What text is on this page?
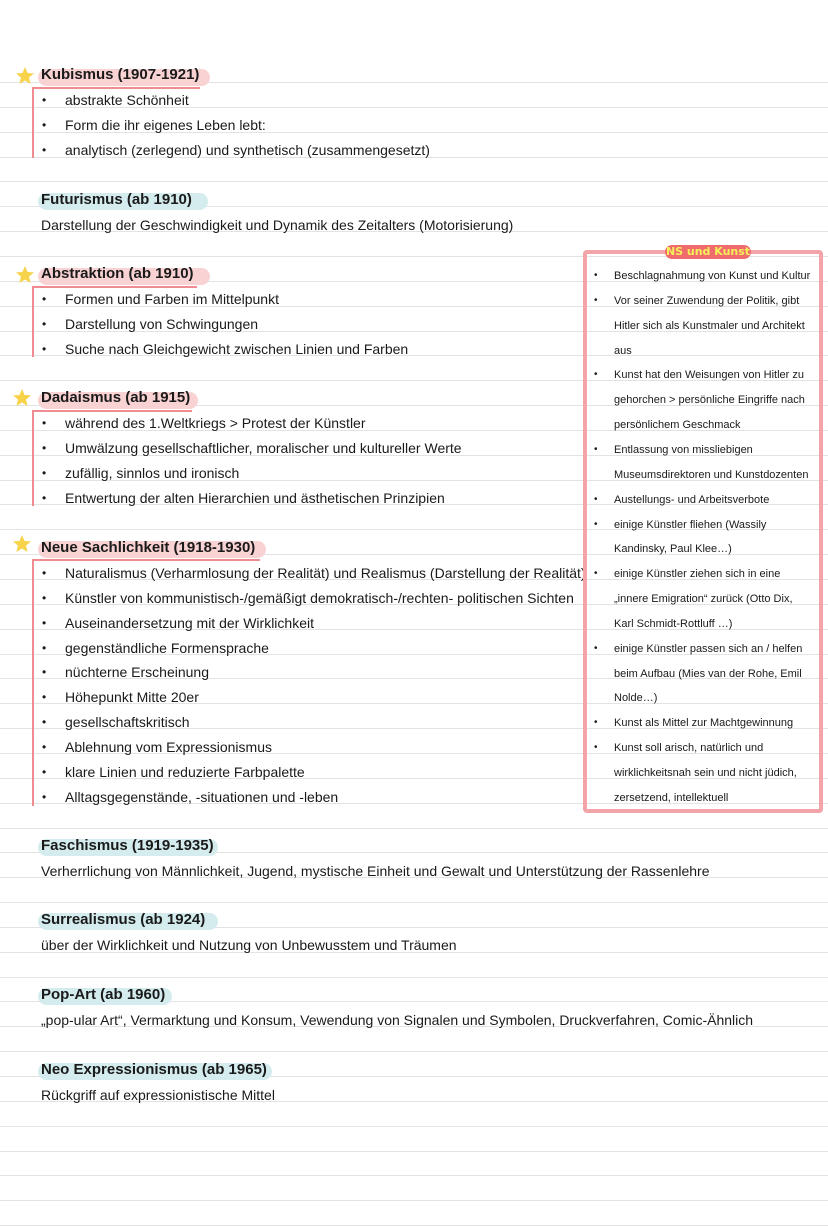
Kubismus (1907-1921)
• abstrakte Schönheit
• Form die ihr eigenes Leben lebt:
• analytisch (zerlegend) und synthetisch (zusammengesetzt)
Futurismus (ab 1910)
Darstellung der Geschwindigkeit und Dynamik des Zeitalters (Motorisierung)
Abstraktion (ab 1910)
• Formen und Farben im Mittelpunkt
• Darstellung von Schwingungen
• Suche nach Gleichgewicht zwischen Linien und Farben
Dadaismus (ab 1915)
• während des 1.Weltkriegs > Protest der Künstler
• Umwälzung gesellschaftlicher, moralischer und kultureller Werte
• zufällig, sinnlos und ironisch
• Entwertung der alten Hierarchien und ästhetischen Prinzipien
Neue Sachlichkeit (1918-1930)
• Naturalismus (Verharmlosung der Realität) und Realismus (Darstellung der Realität)
• Künstler von kommunistisch-/gemäßigt demokratisch-/rechten- politischen Sichten
• Auseinandersetzung mit der Wirklichkeit
• gegenständliche Formensprache
• nüchterne Erscheinung
• Höhepunkt Mitte 20er
• gesellschaftskritisch
• Ablehnung vom Expressionismus
• klare Linien und reduzierte Farbpalette
• Alltagsgegenstände, -situationen und -leben
Faschismus (1919-1935)
Verherrlichung von Männlichkeit, Jugend, mystische Einheit und Gewalt und Unterstützung der Rassenlehre
Surrealismus (ab 1924)
über der Wirklichkeit und Nutzung von Unbewusstem und Träumen
Pop-Art (ab 1960)
„pop-ular Art“, Vermarktung und Konsum, Vewendung von Signalen und Symbolen, Druckverfahren, Comic-Ähnlich
Neo Expressionismus (ab 1965)
Rückgriff auf expressionistische Mittel
NS und Kunst
• Beschlagnahmung von Kunst und Kultur
• Vor seiner Zuwendung der Politik, gibt
Hitler sich als Kunstmaler und Architekt
aus
• Kunst hat den Weisungen von Hitler zu
gehorchen > persönliche Eingriffe nach
persönlichem Geschmack
• Entlassung von missliebigen
Museumsdirektoren und Kunstdozenten
• Austellungs- und Arbeitsverbote
• einige Künstler fliehen (Wassily
Kandinsky, Paul Klee…)
• einige Künstler ziehen sich in eine
„innere Emigration“ zurück (Otto Dix,
Karl Schmidt-Rottluff …)
• einige Künstler passen sich an / helfen
beim Aufbau (Mies van der Rohe, Emil
Nolde…)
• Kunst als Mittel zur Machtgewinnung
• Kunst soll arisch, natürlich und
wirklichkeitsnah sein und nicht jüdich,
zersetzend, intellektuell
